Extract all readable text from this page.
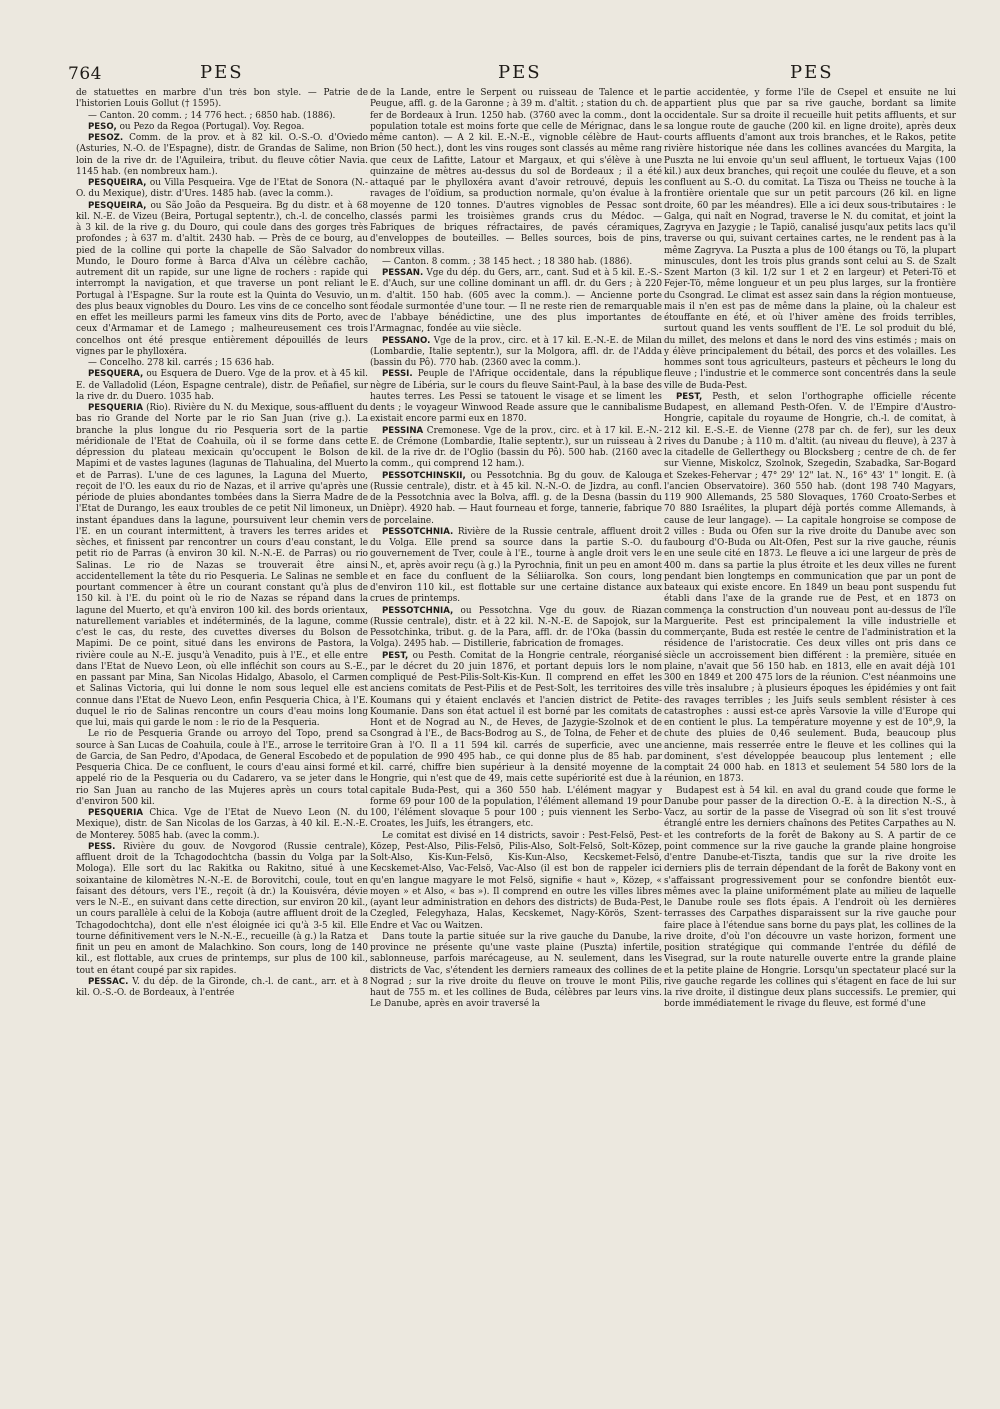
764	PES	PES	PES

de statuettes en marbre d'un très bon style. — Patrie de l'historien Louis Gollut († 1595).

— Canton. 20 comm. ; 14 776 hect. ; 6850 hab. (1886).

PESO, ou Pezo da Regoa (Portugal). Voy. Regoa.

PESOZ. Comm. de la prov. et à 82 kil. O.-S.-O. d'Oviedo (Asturies, N.-O. de l'Espagne), distr. de Grandas de Salime, non loin de la rive dr. de l'Aguileira, tribut. du fleuve côtier Navia. 1145 hab. (en nombreux ham.).

PESQUEIRA, ou Villa Pesqueira. Vge de l'Etat de Sonora (N.-O. du Mexique), distr. d'Ures. 1485 hab. (avec la comm.).

PESQUEIRA, ou São João da Pesqueira. Bg du distr. et à 68 kil. N.-E. de Vizeu (Beira, Portugal septentr.), ch.-l. de concelho, à 3 kil. de la rive g. du Douro, qui coule dans des gorges très profondes ; à 637 m. d'altit. 2430 hab. — Près de ce bourg, au pied de la colline qui porte la chapelle de São Salvador do Mundo, le Douro forme à Barca d'Alva un célèbre cachão, autrement dit un rapide, sur une ligne de rochers : rapide qui interrompt la navigation, et que traverse un pont reliant le Portugal à l'Espagne. Sur la route est la Quinta do Vesuvio, un des plus beaux vignobles du Douro. Les vins de ce concelho sont en effet les meilleurs parmi les fameux vins dits de Porto, avec ceux d'Armamar et de Lamego ; malheureusement ces trois concelhos ont été presque entièrement dépouillés de leurs vignes par le phylloxéra.

— Concelho. 278 kil. carrés ; 15 636 hab.

PESQUERA, ou Esquera de Duero. Vge de la prov. et à 45 kil. E. de Valladolid (Léon, Espagne centrale), distr. de Peñafiel, sur la rive dr. du Duero. 1035 hab.

PESQUERIA (Rio). Rivière du N. du Mexique, sous-affluent du bas rio Grande del Norte par le rio San Juan (rive g.). La branche la plus longue du rio Pesqueria sort de la partie méridionale de l'Etat de Coahuila, où il se forme dans cette dépression du plateau mexicain qu'occupent le Bolson de Mapimi et de vastes lagunes (lagunas de Tlahualina, del Muerto et de Parras). L'une de ces lagunes, la Laguna del Muerto, reçoit de l'O. les eaux du rio de Nazas, et il arrive qu'après une période de pluies abondantes tombées dans la Sierra Madre de l'Etat de Durango, les eaux troubles de ce petit Nil limoneux, un instant épandues dans la lagune, poursuivent leur chemin vers l'E. en un courant intermittent, à travers les terres arides et sèches, et finissent par rencontrer un cours d'eau constant, le petit rio de Parras (à environ 30 kil. N.-N.-E. de Parras) ou rio Salinas. Le rio de Nazas se trouverait être ainsi accidentellement la tête du rio Pesqueria. Le Salinas ne semble pourtant commencer à être un courant constant qu'à plus de 150 kil. à l'E. du point où le rio de Nazas se répand dans la lagune del Muerto, et qu'à environ 100 kil. des bords orientaux, naturellement variables et indéterminés, de la lagune, comme c'est le cas, du reste, des cuvettes diverses du Bolson de Mapimi. De ce point, situé dans les environs de Pastora, la rivière coule au N.-E. jusqu'à Venadito, puis à l'E., et elle entre dans l'Etat de Nuevo Leon, où elle infléchit son cours au S.-E., en passant par Mina, San Nicolas Hidalgo, Abasolo, el Carmen et Salinas Victoria, qui lui donne le nom sous lequel elle est connue dans l'Etat de Nuevo Leon, enfin Pesqueria Chica, à l'E. duquel le rio de Salinas rencontre un cours d'eau moins long que lui, mais qui garde le nom : le rio de la Pesqueria.

Le rio de Pesqueria Grande ou arroyo del Topo, prend sa source à San Lucas de Coahuila, coule à l'E., arrose le territoire de Garcia, de San Pedro, d'Apodaca, de General Escobedo et de Pesqueria Chica. De ce confluent, le cours d'eau ainsi formé et appelé rio de la Pesqueria ou du Cadarero, va se jeter dans le rio San Juan au rancho de las Mujeres après un cours total d'environ 500 kil.

PESQUERIA Chica. Vge de l'Etat de Nuevo Leon (N. du Mexique), distr. de San Nicolas de los Garzas, à 40 kil. E.-N.-E. de Monterey. 5085 hab. (avec la comm.).

PESS. Rivière du gouv. de Novgorod (Russie centrale), affluent droit de la Tchagodochtcha (bassin du Volga par la Mologa). Elle sort du lac Rakitka ou Rakitno, situé à une soixantaine de kilomètres N.-N.-E. de Borovitchi, coule, tout en faisant des détours, vers l'E., reçoit (à dr.) la Kouisvéra, dévie vers le N.-E., en suivant dans cette direction, sur environ 20 kil., un cours parallèle à celui de la Koboja (autre affluent droit de la Tchagodochtcha), dont elle n'est éloignée ici qu'à 3-5 kil. Elle tourne définitivement vers le N.-N.-E., recueille (à g.) la Ratza et finit un peu en amont de Malachkino. Son cours, long de 140 kil., est flottable, aux crues de printemps, sur plus de 100 kil., tout en étant coupé par six rapides.

PESSAC. V. du dép. de la Gironde, ch.-l. de cant., arr. et à 8 kil. O.-S.-O. de Bordeaux, à l'entrée

de la Lande, entre le Serpent ou ruisseau de Talence et le Peugue, affl. g. de la Garonne ; à 39 m. d'altit. ; station du ch. de fer de Bordeaux à Irun. 1250 hab. (3760 avec la comm., dont la population totale est moins forte que celle de Mérignac, dans le même canton). — A 2 kil. E.-N.-E., vignoble célèbre de Haut-Brion (50 hect.), dont les vins rouges sont classés au même rang que ceux de Lafitte, Latour et Margaux, et qui s'élève à une quinzaine de mètres au-dessus du sol de Bordeaux ; il a été attaqué par le phylloxéra avant d'avoir retrouvé, depuis les ravages de l'oïdium, sa production normale, qu'on évalue à la moyenne de 120 tonnes. D'autres vignobles de Pessac sont classés parmi les troisièmes grands crus du Médoc. — Fabriques de briques réfractaires, de pavés céramiques, d'enveloppes de bouteilles. — Belles sources, bois de pins, nombreux villas.

— Canton. 8 comm. ; 38 145 hect. ; 18 380 hab. (1886).

PESSAN. Vge du dép. du Gers, arr., cant. Sud et à 5 kil. E.-S.-E. d'Auch, sur une colline dominant un affl. dr. du Gers ; à 220 m. d'altit. 150 hab. (605 avec la comm.). — Ancienne porte féodale surmontée d'une tour. — Il ne reste rien de remarquable de l'abbaye bénédictine, une des plus importantes de l'Armagnac, fondée au viie siècle.

PESSANO. Vge de la prov., circ. et à 17 kil. E.-N.-E. de Milan (Lombardie, Italie septentr.), sur la Molgora, affl. dr. de l'Adda (bassin du Pô). 770 hab. (2360 avec la comm.).

PESSI. Peuple de l'Afrique occidentale, dans la république nègre de Libéria, sur le cours du fleuve Saint-Paul, à la base des hautes terres. Les Pessi se tatouent le visage et se liment les dents ; le voyageur Winwood Reade assure que le cannibalisme existait encore parmi eux en 1870.

PESSINA Cremonese. Vge de la prov., circ. et à 17 kil. E.-N.-E. de Crémone (Lombardie, Italie septentr.), sur un ruisseau à 2 kil. de la rive dr. de l'Oglio (bassin du Pô). 500 hab. (2160 avec la comm., qui comprend 12 ham.).

PESSOTCHINSKII, ou Pessotchnia. Bg du gouv. de Kalouga (Russie centrale), distr. et à 45 kil. N.-N.-O. de Jizdra, au confl. de la Pessotchnia avec la Bolva, affl. g. de la Desna (bassin du Dnièpr). 4920 hab. — Haut fourneau et forge, tannerie, fabrique de porcelaine.

PESSOTCHNIA. Rivière de la Russie centrale, affluent droit du Volga. Elle prend sa source dans la partie S.-O. du gouvernement de Tver, coule à l'E., tourne à angle droit vers le N., et, après avoir reçu (à g.) la Pyrochnia, finit un peu en amont et en face du confluent de la Séliiarolka. Son cours, long d'environ 110 kil., est flottable sur une certaine distance aux crues de printemps.

PESSOTCHNIA, ou Pessotchna. Vge du gouv. de Riazan (Russie centrale), distr. et à 22 kil. N.-N.-E. de Sapojok, sur la Pessotchinka, tribut. g. de la Para, affl. dr. de l'Oka (bassin du Volga). 2495 hab. — Distillerie, fabrication de fromages.

PEST, ou Pesth. Comitat de la Hongrie centrale, réorganisé par le décret du 20 juin 1876, et portant depuis lors le nom compliqué de Pest-Pilis-Solt-Kis-Kun. Il comprend en effet les anciens comitats de Pest-Pilis et de Pest-Solt, les territoires des Koumans qui y étaient enclavés et l'ancien district de Petite-Koumanie. Dans son état actuel il est borné par les comitats de Hont et de Nograd au N., de Heves, de Jazygie-Szolnok et de Csongrad à l'E., de Bacs-Bodrog au S., de Tolna, de Feher et de Gran à l'O. Il a 11 594 kil. carrés de superficie, avec une population de 990 495 hab., ce qui donne plus de 85 hab. par kil. carré, chiffre bien supérieur à la densité moyenne de la Hongrie, qui n'est que de 49, mais cette supériorité est due à la capitale Buda-Pest, qui a 360 550 hab. L'élément magyar y forme 69 pour 100 de la population, l'élément allemand 19 pour 100, l'élément slovaque 5 pour 100 ; puis viennent les Serbo-Croates, les Juifs, les étrangers, etc.

Le comitat est divisé en 14 districts, savoir : Pest-Felsö, Pest-Közep, Pest-Also, Pilis-Felsö, Pilis-Also, Solt-Felsö, Solt-Közep, Solt-Also, Kis-Kun-Felsö, Kis-Kun-Also, Kecskemet-Felsö, Kecskemet-Also, Vac-Felsö, Vac-Also (il est bon de rappeler ici qu'en langue magyare le mot Felsö, signifie « haut », Közep, « moyen » et Also, « bas »). Il comprend en outre les villes libres (ayant leur administration en dehors des districts) de Buda-Pest, Czegled, Felegyhaza, Halas, Kecskemet, Nagy-Körös, Szent-Endre et Vac ou Waitzen.

Dans toute la partie située sur la rive gauche du Danube, la province ne présente qu'une vaste plaine (Puszta) infertile, sablonneuse, parfois marécageuse, au N. seulement, dans les districts de Vac, s'étendent les derniers rameaux des collines de Nograd ; sur la rive droite du fleuve on trouve le mont Pilis, haut de 755 m. et les collines de Buda, célèbres par leurs vins. Le Danube, après en avoir traversé la

partie accidentée, y forme l'île de Csepel et ensuite ne lui appartient plus que par sa rive gauche, bordant sa limite occidentale. Sur sa droite il recueille huit petits affluents, et sur sa longue route de gauche (200 kil. en ligne droite), après deux courts affluents d'amont aux trois branches, et le Rakos, petite rivière historique née dans les collines avancées du Margita, la Puszta ne lui envoie qu'un seul affluent, le tortueux Vajas (100 kil.) aux deux branches, qui reçoit une coulée du fleuve, et a son confluent au S.-O. du comitat. La Tisza ou Theiss ne touche à la frontière orientale que sur un petit parcours (26 kil. en ligne droite, 60 par les méandres). Elle a ici deux sous-tributaires : le Galga, qui naît en Nograd, traverse le N. du comitat, et joint la Zagryva en Jazygie ; le Tapiö, canalisé jusqu'aux petits lacs qu'il traverse ou qui, suivant certaines cartes, ne le rendent pas à la même Zagryva. La Puszta a plus de 100 étangs ou Tö, la plupart minuscules, dont les trois plus grands sont celui au S. de Szalt Szent Marton (3 kil. 1/2 sur 1 et 2 en largeur) et Peteri-Tö et Fejer-Tö, même longueur et un peu plus larges, sur la frontière du Csongrad. Le climat est assez sain dans la région montueuse, mais il n'en est pas de même dans la plaine, où la chaleur est étouffante en été, et où l'hiver amène des froids terribles, surtout quand les vents soufflent de l'E. Le sol produit du blé, du millet, des melons et dans le nord des vins estimés ; mais on y élève principalement du bétail, des porcs et des volailles. Les hommes sont tous agriculteurs, pasteurs et pêcheurs le long du fleuve ; l'industrie et le commerce sont concentrés dans la seule ville de Buda-Pest.

PEST, Pesth, et selon l'orthographe officielle récente Budapest, en allemand Pesth-Ofen. V. de l'Empire d'Austro-Hongrie, capitale du royaume de Hongrie, ch.-l. de comitat, à 212 kil. E.-S.-E. de Vienne (278 par ch. de fer), sur les deux rives du Danube ; à 110 m. d'altit. (au niveau du fleuve), à 237 à la citadelle de Gellerthegy ou Blocksberg ; centre de ch. de fer sur Vienne, Miskolcz, Szolnok, Szegedin, Szabadka, Sar-Bogard et Szekes-Fehervar ; 47° 29' 12" lat. N., 16° 43' 1" longit. E. (à l'ancien Observatoire). 360 550 hab. (dont 198 740 Magyars, 119 900 Allemands, 25 580 Slovaques, 1760 Croato-Serbes et 70 880 Israélites, la plupart déjà portés comme Allemands, à cause de leur langage). — La capitale hongroise se compose de 2 villes : Buda ou Ofen sur la rive droite du Danube avec son faubourg d'O-Buda ou Alt-Ofen, Pest sur la rive gauche, réunis en une seule cité en 1873. Le fleuve a ici une largeur de près de 400 m. dans sa partie la plus étroite et les deux villes ne furent pendant bien longtemps en communication que par un pont de bateaux qui existe encore. En 1849 un beau pont suspendu fut établi dans l'axe de la grande rue de Pest, et en 1873 on commença la construction d'un nouveau pont au-dessus de l'île Marguerite. Pest est principalement la ville industrielle et commerçante, Buda est restée le centre de l'administration et la résidence de l'aristocratie. Ces deux villes ont pris dans ce siècle un accroissement bien différent : la première, située en plaine, n'avait que 56 150 hab. en 1813, elle en avait déjà 101 300 en 1849 et 200 475 lors de la réunion. C'est néanmoins une ville très insalubre ; à plusieurs époques les épidémies y ont fait des ravages terribles ; les Juifs seuls semblent résister à ces catastrophes : aussi est-ce après Varsovie la ville d'Europe qui en contient le plus. La température moyenne y est de 10°,9, la chute des pluies de 0,46 seulement. Buda, beaucoup plus ancienne, mais resserrée entre le fleuve et les collines qui la dominent, s'est développée beaucoup plus lentement ; elle comptait 24 000 hab. en 1813 et seulement 54 580 lors de la réunion, en 1873.

Budapest est à 54 kil. en aval du grand coude que forme le Danube pour passer de la direction O.-E. à la direction N.-S., à Vacz, au sortir de la passe de Visegrad où son lit s'est trouvé étranglé entre les derniers chaînons des Petites Carpathes au N. et les contreforts de la forêt de Bakony au S. A partir de ce point commence sur la rive gauche la grande plaine hongroise d'entre Danube-et-Tiszta, tandis que sur la rive droite les derniers plis de terrain dépendant de la forêt de Bakony vont en s'affaissant progressivement pour se confondre bientôt eux-mêmes avec la plaine uniformément plate au milieu de laquelle le Danube roule ses flots épais. A l'endroit où les dernières terrasses des Carpathes disparaissent sur la rive gauche pour faire place à l'étendue sans borne du pays plat, les collines de la rive droite, d'où l'on découvre un vaste horizon, forment une position stratégique qui commande l'entrée du défilé de Visegrad, sur la route naturelle ouverte entre la grande plaine et la petite plaine de Hongrie. Lorsqu'un spectateur placé sur la rive gauche regarde les collines qui s'étagent en face de lui sur la rive droite, il distingue deux plans successifs. Le premier, qui borde immédiatement le rivage du fleuve, est formé d'une
